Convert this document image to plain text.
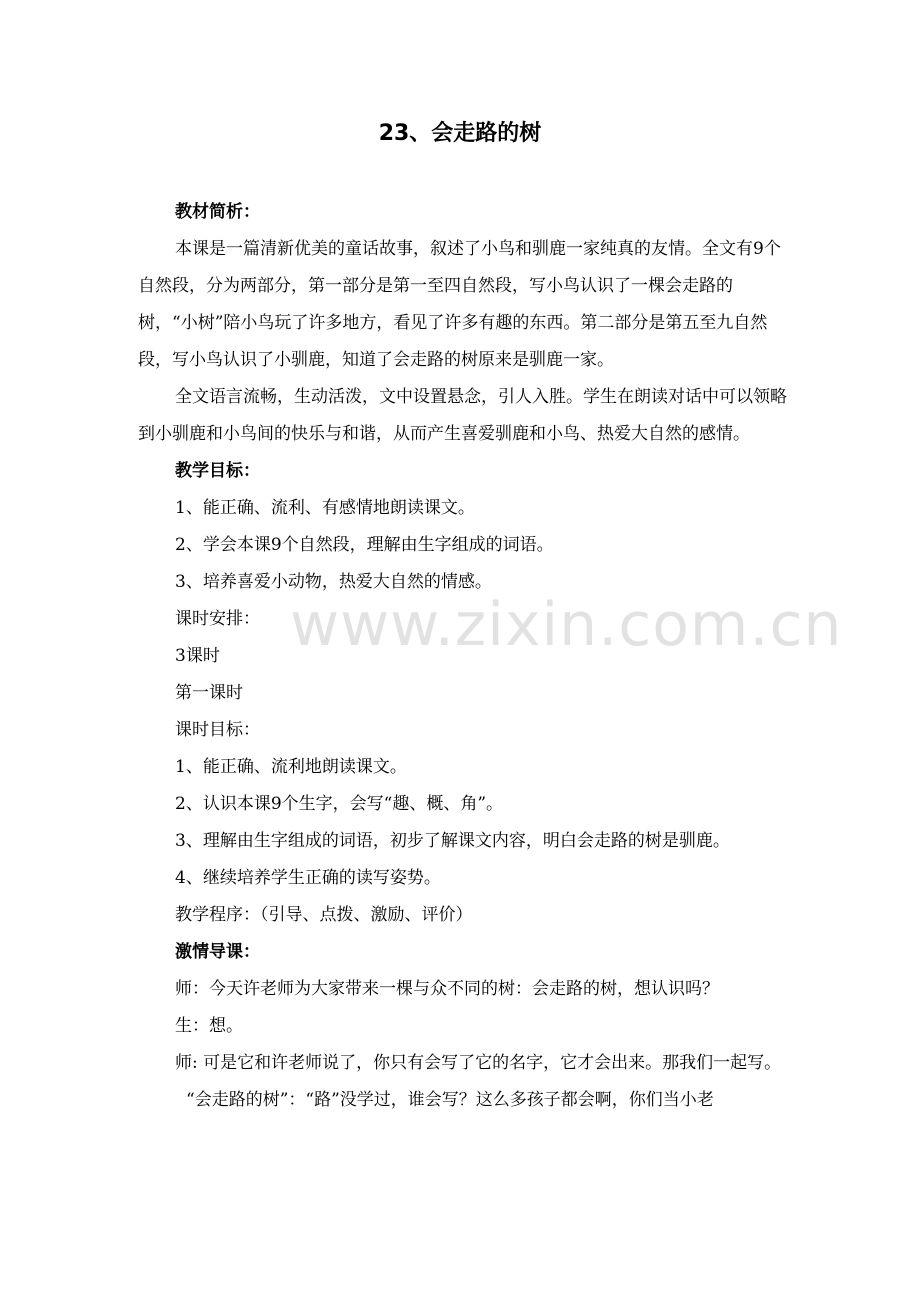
23、会走路的树

教材简析：

本课是一篇清新优美的童话故事，叙述了小鸟和驯鹿一家纯真的友情。全文有9个自然段，分为两部分，第一部分是第一至四自然段，写小鸟认识了一棵会走路的树，“小树”陪小鸟玩了许多地方，看见了许多有趣的东西。第二部分是第五至九自然段，写小鸟认识了小驯鹿，知道了会走路的树原来是驯鹿一家。

全文语言流畅，生动活泼，文中设置悬念，引人入胜。学生在朗读对话中可以领略到小驯鹿和小鸟间的快乐与和谐，从而产生喜爱驯鹿和小鸟、热爱大自然的感情。

教学目标：

1、能正确、流利、有感情地朗读课文。

2、学会本课9个自然段，理解由生字组成的词语。

3、培养喜爱小动物，热爱大自然的情感。

课时安排：

3课时

第一课时

课时目标：

1、能正确、流利地朗读课文。

2、认识本课9个生字，会写“趣、概、角”。

3、理解由生字组成的词语，初步了解课文内容，明白会走路的树是驯鹿。

4、继续培养学生正确的读写姿势。

教学程序：（引导、点拨、激励、评价）

激情导课：

师：今天许老师为大家带来一棵与众不同的树：会走路的树，想认识吗？

生：想。

师: 可是它和许老师说了，你只有会写了它的名字，它才会出来。那我们一起写。

“会走路的树”：“路”没学过，谁会写？这么多孩子都会啊，你们当小老

www.zixin.com.cn
